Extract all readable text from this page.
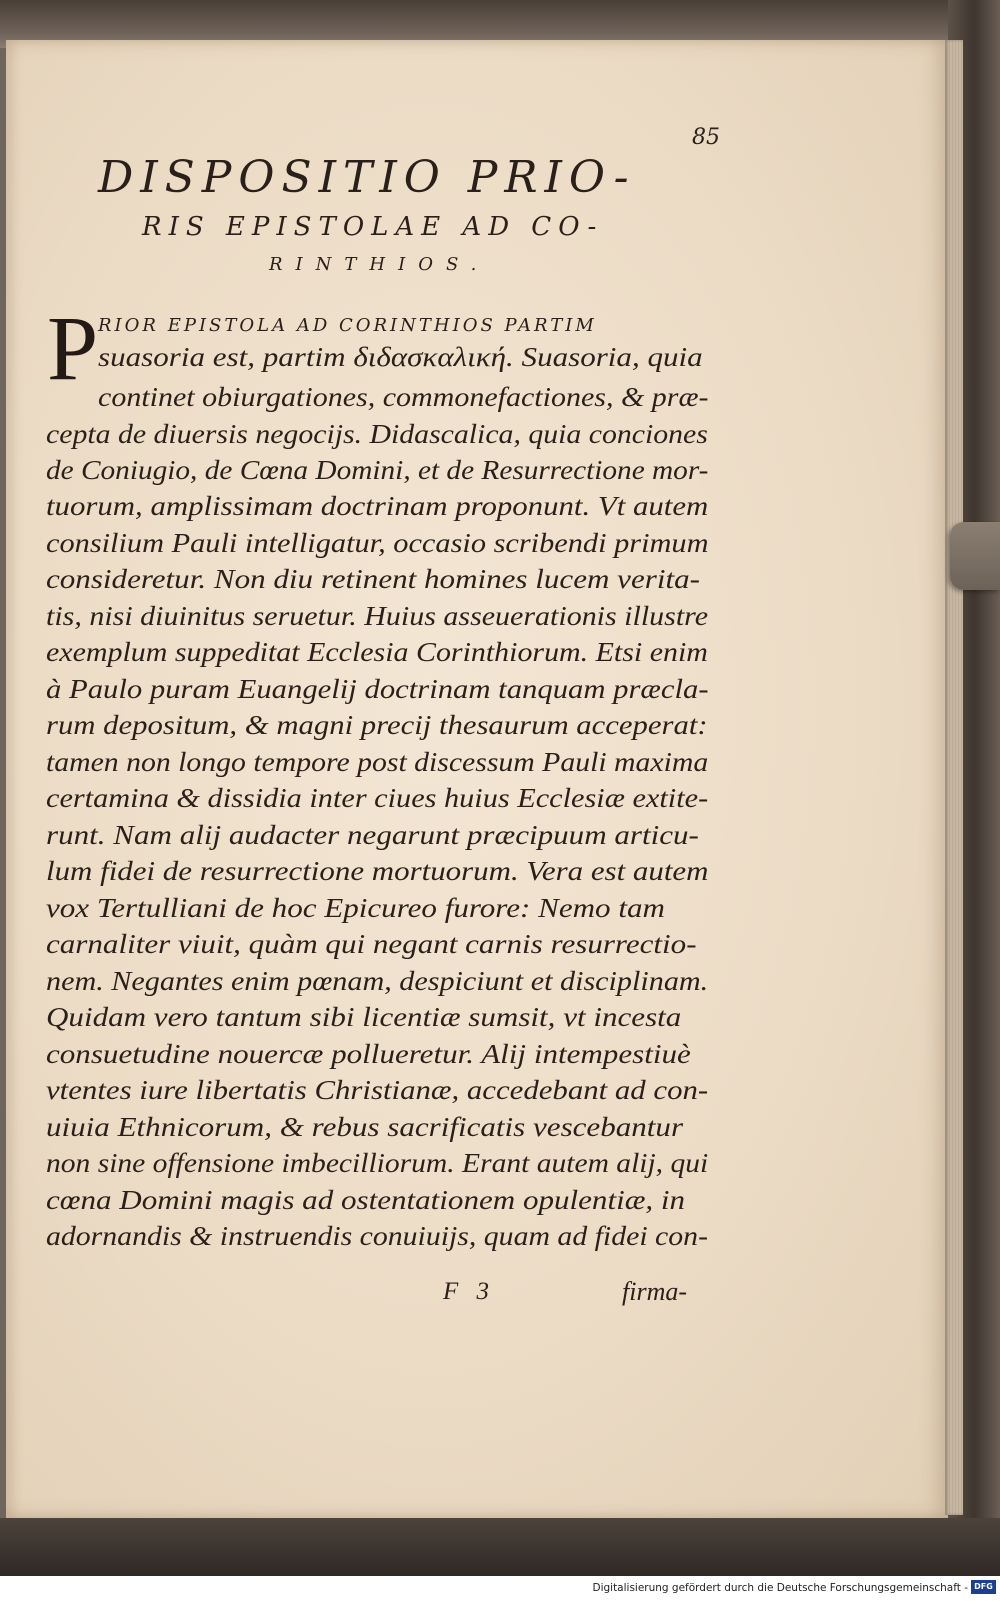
85
DISPOSITIO PRIO-
RIS EPISTOLAE AD CO-
RINTHIOS.
P RIOR EPISTOLA AD CORINTHIOS PARTIM
suasoria est, partim διδασκαλική. Suasoria, quia
continet obiurgationes, commonefactiones, & præ-
cepta de diuersis negocijs. Didascalica, quia conciones
de Coniugio, de Cœna Domini, et de Resurrectione mor-
tuorum, amplissimam doctrinam proponunt. Vt autem
consilium Pauli intelligatur, occasio scribendi primum
consideretur. Non diu retinent homines lucem verita-
tis, nisi diuinitus seruetur. Huius asseuerationis illustre
exemplum suppeditat Ecclesia Corinthiorum. Etsi enim
à Paulo puram Euangelij doctrinam tanquam præcla-
rum depositum, & magni precij thesaurum acceperat:
tamen non longo tempore post discessum Pauli maxima
certamina & dissidia inter ciues huius Ecclesiæ extite-
runt. Nam alij audacter negarunt præcipuum articu-
lum fidei de resurrectione mortuorum. Vera est autem
vox Tertulliani de hoc Epicureo furore: Nemo tam
carnaliter viuit, quàm qui negant carnis resurrectio-
nem. Negantes enim pœnam, despiciunt et disciplinam.
Quidam vero tantum sibi licentiæ sumsit, vt incesta
consuetudine nouercæ pollueretur. Alij intempestiuè
vtentes iure libertatis Christianæ, accedebant ad con-
uiuia Ethnicorum, & rebus sacrificatis vescebantur
non sine offensione imbecilliorum. Erant autem alij, qui
cœna Domini magis ad ostentationem opulentiæ, in
adornandis & instruendis conuiuijs, quam ad fidei con-
F 3	firma-
Digitalisierung gefördert durch die Deutsche Forschungsgemeinschaft - DFG
